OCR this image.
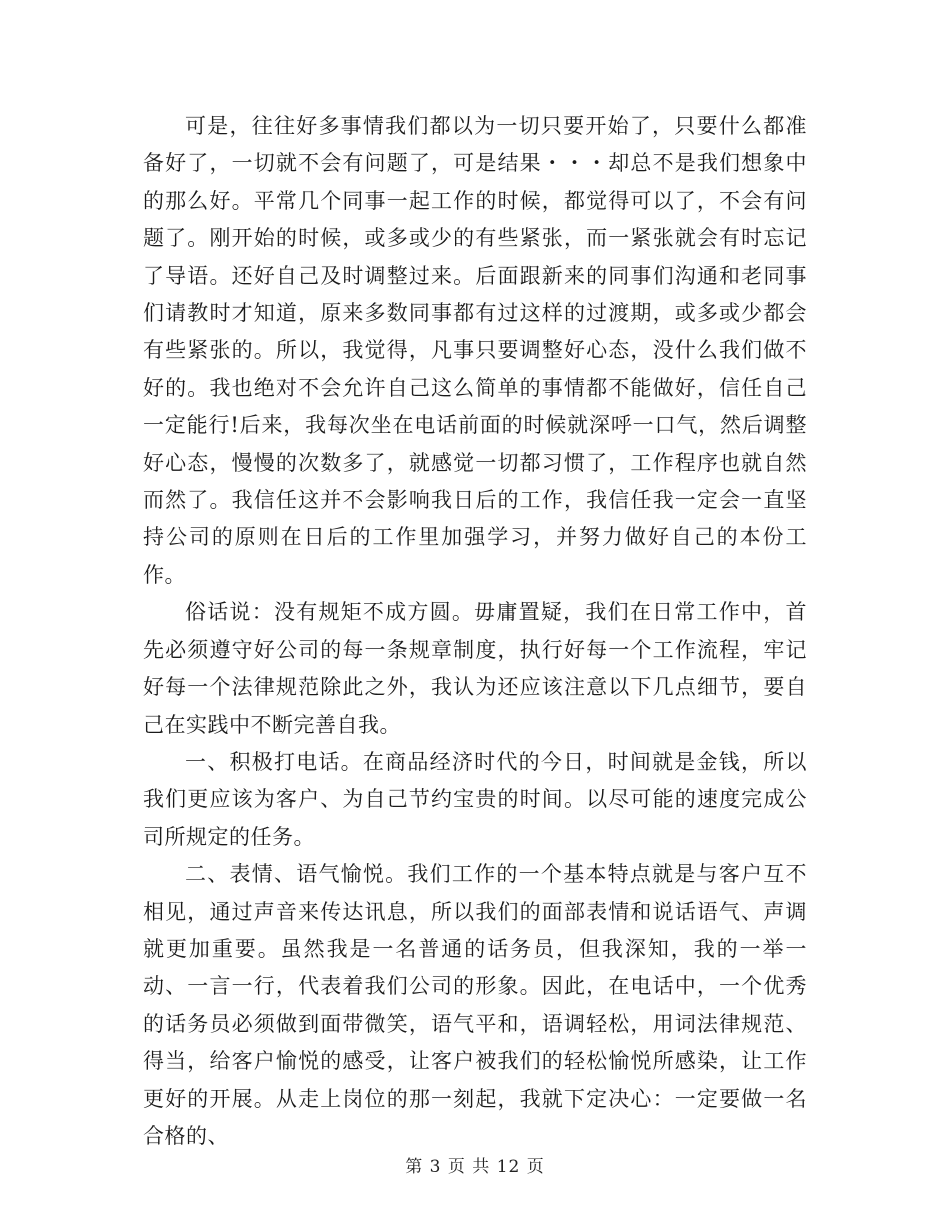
可是，往往好多事情我们都以为一切只要开始了，只要什么都准备好了，一切就不会有问题了，可是结果・・・却总不是我们想象中的那么好。平常几个同事一起工作的时候，都觉得可以了，不会有问题了。刚开始的时候，或多或少的有些紧张，而一紧张就会有时忘记了导语。还好自己及时调整过来。后面跟新来的同事们沟通和老同事们请教时才知道，原来多数同事都有过这样的过渡期，或多或少都会有些紧张的。所以，我觉得，凡事只要调整好心态，没什么我们做不好的。我也绝对不会允许自己这么简单的事情都不能做好，信任自己一定能行!后来，我每次坐在电话前面的时候就深呼一口气，然后调整好心态，慢慢的次数多了，就感觉一切都习惯了，工作程序也就自然而然了。我信任这并不会影响我日后的工作，我信任我一定会一直坚持公司的原则在日后的工作里加强学习，并努力做好自己的本份工作。

俗话说：没有规矩不成方圆。毋庸置疑，我们在日常工作中，首先必须遵守好公司的每一条规章制度，执行好每一个工作流程，牢记好每一个法律规范除此之外，我认为还应该注意以下几点细节，要自己在实践中不断完善自我。

一、积极打电话。在商品经济时代的今日，时间就是金钱，所以我们更应该为客户、为自己节约宝贵的时间。以尽可能的速度完成公司所规定的任务。

二、表情、语气愉悦。我们工作的一个基本特点就是与客户互不相见，通过声音来传达讯息，所以我们的面部表情和说话语气、声调就更加重要。虽然我是一名普通的话务员，但我深知，我的一举一动、一言一行，代表着我们公司的形象。因此，在电话中，一个优秀的话务员必须做到面带微笑，语气平和，语调轻松，用词法律规范、得当，给客户愉悦的感受，让客户被我们的轻松愉悦所感染，让工作更好的开展。从走上岗位的那一刻起，我就下定决心：一定要做一名合格的、

第 3 页 共 12 页
